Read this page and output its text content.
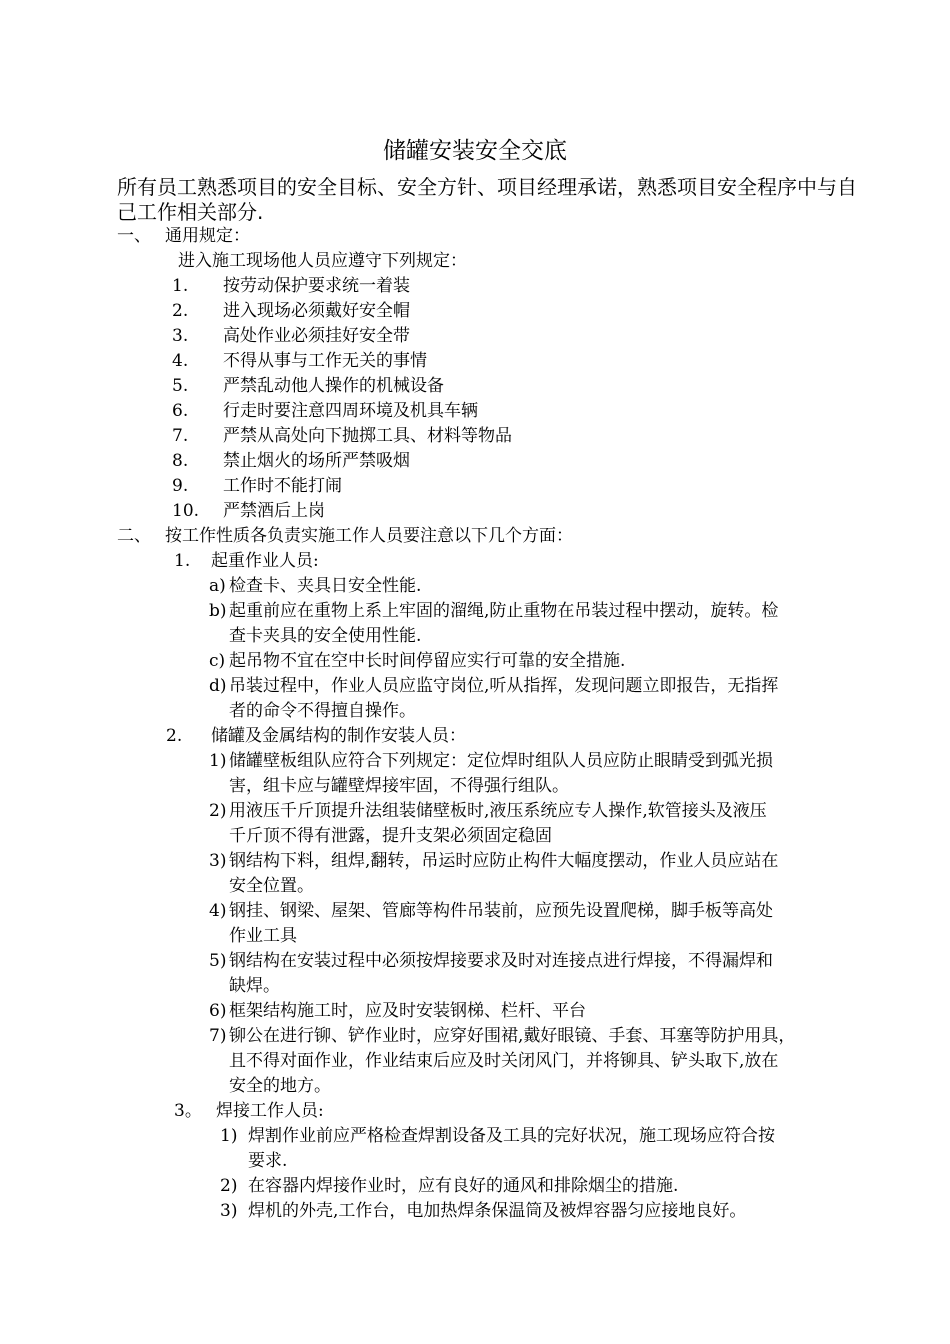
储罐安装安全交底
所有员工熟悉项目的安全目标、安全方针、项目经理承诺，熟悉项目安全程序中与自己工作相关部分.
一、 通用规定：
进入施工现场他人员应遵守下列规定：
1. 按劳动保护要求统一着装
2. 进入现场必须戴好安全帽
3. 高处作业必须挂好安全带
4. 不得从事与工作无关的事情
5. 严禁乱动他人操作的机械设备
6. 行走时要注意四周环境及机具车辆
7. 严禁从高处向下抛掷工具、材料等物品
8. 禁止烟火的场所严禁吸烟
9. 工作时不能打闹
10. 严禁酒后上岗
二、 按工作性质各负责实施工作人员要注意以下几个方面：
1. 起重作业人员:
a) 检查卡、夹具日安全性能.
b) 起重前应在重物上系上牢固的溜绳,防止重物在吊装过程中摆动，旋转。检
查卡夹具的安全使用性能.
c) 起吊物不宜在空中长时间停留应实行可靠的安全措施.
d) 吊装过程中，作业人员应监守岗位,听从指挥，发现问题立即报告，无指挥
者的命令不得擅自操作。
2. 储罐及金属结构的制作安装人员：
1) 储罐壁板组队应符合下列规定：定位焊时组队人员应防止眼睛受到弧光损
害，组卡应与罐壁焊接牢固，不得强行组队。
2) 用液压千斤顶提升法组装储壁板时,液压系统应专人操作,软管接头及液压
千斤顶不得有泄露，提升支架必须固定稳固
3) 钢结构下料，组焊,翻转，吊运时应防止构件大幅度摆动，作业人员应站在
安全位置。
4) 钢挂、钢梁、屋架、管廊等构件吊装前，应预先设置爬梯，脚手板等高处
作业工具
5) 钢结构在安装过程中必须按焊接要求及时对连接点进行焊接，不得漏焊和
缺焊。
6) 框架结构施工时，应及时安装钢梯、栏杆、平台
7) 铆公在进行铆、铲作业时，应穿好围裙,戴好眼镜、手套、耳塞等防护用具，
且不得对面作业，作业结束后应及时关闭风门，并将铆具、铲头取下,放在
安全的地方。
3。 焊接工作人员:
1) 焊割作业前应严格检查焊割设备及工具的完好状况，施工现场应符合按
要求.
2) 在容器内焊接作业时，应有良好的通风和排除烟尘的措施.
3) 焊机的外壳,工作台，电加热焊条保温筒及被焊容器匀应接地良好。
